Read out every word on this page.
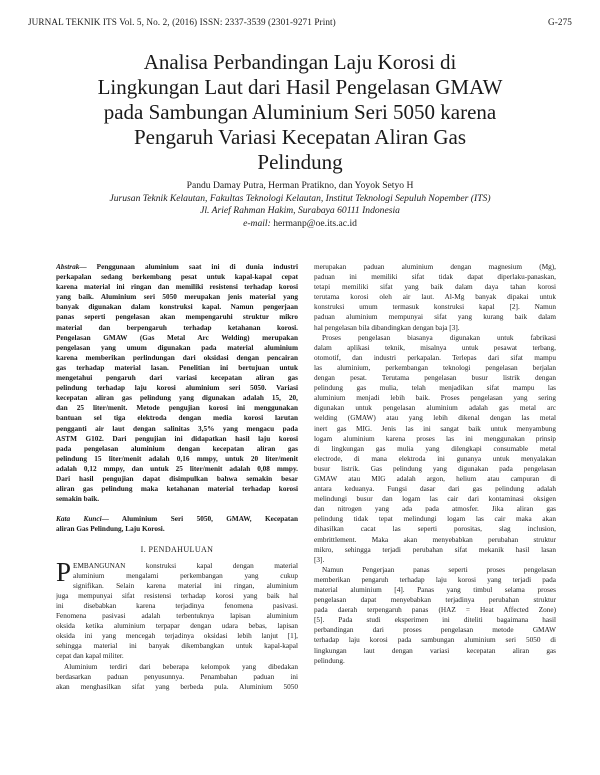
JURNAL TEKNIK ITS Vol. 5, No. 2, (2016) ISSN: 2337-3539 (2301-9271 Print)	G-275
Analisa Perbandingan Laju Korosi di
Lingkungan Laut dari Hasil Pengelasan GMAW
pada Sambungan Aluminium Seri 5050 karena
Pengaruh Variasi Kecepatan Aliran Gas
Pelindung
Pandu Damay Putra, Herman Pratikno, dan Yoyok Setyo H
Jurusan Teknik Kelautan, Fakultas Teknologi Kelautan, Institut Teknologi Sepuluh Nopember (ITS)
Jl. Arief Rahman Hakim, Surabaya 60111 Indonesia
e-mail: hermanp@oe.its.ac.id
Abstrak— Penggunaan aluminium saat ini di dunia industri
perkapalan sedang berkembang pesat untuk kapal-kapal cepat
karena material ini ringan dan memiliki resistensi terhadap korosi
yang baik. Aluminium seri 5050 merupakan jenis material yang
banyak digunakan dalam konstruksi kapal. Namun pengerjaan
panas seperti pengelasan akan mempengaruhi struktur mikro
material dan berpengaruh terhadap ketahanan korosi.
Pengelasan GMAW (Gas Metal Arc Welding) merupakan
pengelasan yang umum digunakan pada material aluminium
karena memberikan perlindungan dari oksidasi dengan pencairan
gas terhadap material lasan. Penelitian ini bertujuan untuk
mengetahui pengaruh dari variasi kecepatan aliran gas
pelindung terhadap laju korosi aluminium seri 5050. Variasi
kecepatan aliran gas pelindung yang digunakan adalah 15, 20,
dan 25 liter/menit. Metode pengujian korosi ini menggunakan
bantuan sel tiga elektroda dengan media korosi larutan
pengganti air laut dengan salinitas 3,5% yang mengacu pada
ASTM G102. Dari pengujian ini didapatkan hasil laju korosi
pada pengelasan aluminium dengan kecepatan aliran gas
pelindung 15 liter/menit adalah 0,16 mmpy, untuk 20 liter/menit
adalah 0,12 mmpy, dan untuk 25 liter/menit adalah 0,08 mmpy.
Dari hasil pengujian dapat disimpulkan bahwa semakin besar
aliran gas pelindung maka ketahanan material terhadap korosi
semakin baik.
Kata Kunci— Aluminium Seri 5050, GMAW, Kecepatan
aliran Gas Pelindung, Laju Korosi.
I. PENDAHULUAN
P EMBANGUNAN konstruksi kapal dengan material
aluminium mengalami perkembangan yang cukup
signifikan. Selain karena material ini ringan, aluminium
juga mempunyai sifat resistensi terhadap korosi yang baik hal
ini disebabkan karena terjadinya fenomena pasivasi.
Fenomena pasivasi adalah terbentuknya lapisan aluminium
oksida ketika aluminium terpapar dengan udara bebas, lapisan
oksida ini yang mencegah terjadinya oksidasi lebih lanjut [1],
sehingga material ini banyak dikembangkan untuk kapal-kapal
cepat dan kapal militer.
Aluminium terdiri dari beberapa kelompok yang dibedakan
berdasarkan paduan penyusunnya. Penambahan paduan ini
akan menghasilkan sifat yang berbeda pula. Aluminium 5050
merupakan paduan aluminium dengan magnesium (Mg),
paduan ini memiliki sifat tidak dapat diperlaku-panaskan,
tetapi memiliki sifat yang baik dalam daya tahan korosi
terutama korosi oleh air laut. Al-Mg banyak dipakai untuk
konstruksi umum termasuk konstruksi kapal [2]. Namun
paduan aluminium mempunyai sifat yang kurang baik dalam
hal pengelasan bila dibandingkan dengan baja [3].
Proses pengelasan biasanya digunakan untuk fabrikasi
dalam aplikasi teknik, misalnya untuk pesawat terbang,
otomotif, dan industri perkapalan. Terlepas dari sifat mampu
las aluminium, perkembangan teknologi pengelasan berjalan
dengan pesat. Terutama pengelasan busur listrik dengan
pelindung gas mulia, telah menjadikan sifat mampu las
aluminium menjadi lebih baik. Proses pengelasan yang sering
digunakan untuk pengelasan aluminium adalah gas metal arc
welding (GMAW) atau yang lebih dikenal dengan las metal
inert gas MIG. Jenis las ini sangat baik untuk menyambung
logam aluminium karena proses las ini menggunakan prinsip
di lingkungan gas mulia yang dilengkapi consumable metal
electrode, di mana elektroda ini gunanya untuk menyalakan
busur listrik. Gas pelindung yang digunakan pada pengelasan
GMAW atau MIG adalah argon, helium atau campuran di
antara keduanya. Fungsi dasar dari gas pelindung adalah
melindungi busur dan logam las cair dari kontaminasi oksigen
dan nitrogen yang ada pada atmosfer. Jika aliran gas
pelindung tidak tepat melindungi logam las cair maka akan
dihasilkan cacat las seperti porositas, slag inclusion,
embrittlement. Maka akan menyebabkan perubahan struktur
mikro, sehingga terjadi perubahan sifat mekanik hasil lasan
[3].
Namun Pengerjaan panas seperti proses pengelasan
memberikan pengaruh terhadap laju korosi yang terjadi pada
material aluminium [4]. Panas yang timbul selama proses
pengelasan dapat menyebabkan terjadinya perubahan struktur
pada daerah terpengaruh panas (HAZ = Heat Affected Zone)
[5]. Pada studi eksperimen ini diteliti bagaimana hasil
perbandingan dari proses pengelasan metode GMAW
terhadap laju korosi pada sambungan aluminium seri 5050 di
lingkungan laut dengan variasi kecepatan aliran gas
pelindung.
